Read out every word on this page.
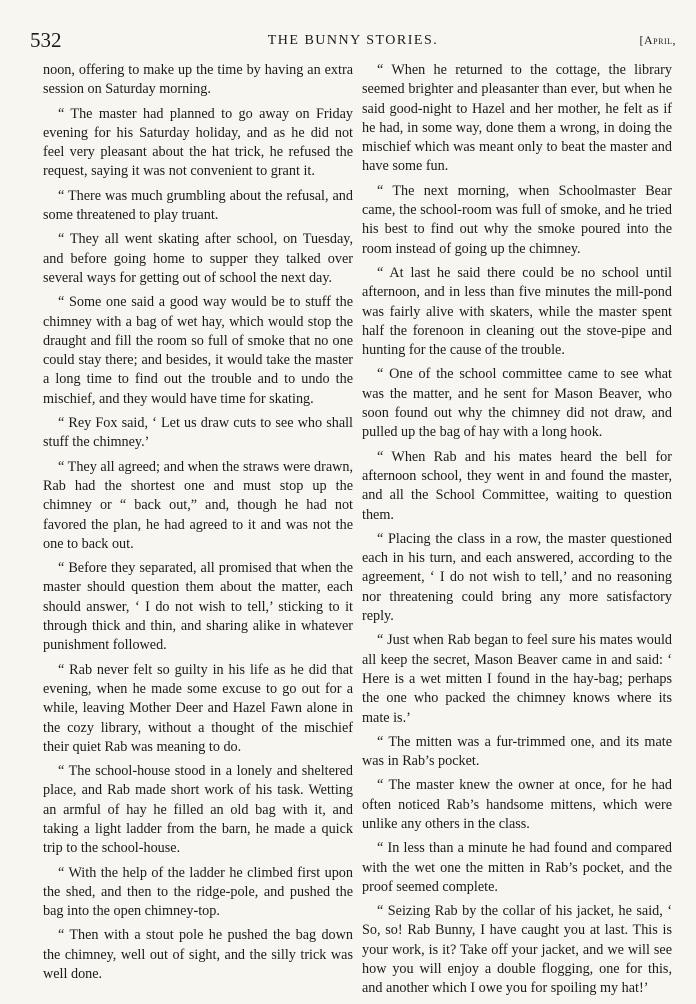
532	THE BUNNY STORIES.	[April,

noon, offering to make up the time by having an extra session on Saturday morning.

“ The master had planned to go away on Friday evening for his Saturday holiday, and as he did not feel very pleasant about the hat trick, he refused the request, saying it was not convenient to grant it.

“ There was much grumbling about the refusal, and some threatened to play truant.

“ They all went skating after school, on Tuesday, and before going home to supper they talked over several ways for getting out of school the next day.

“ Some one said a good way would be to stuff the chimney with a bag of wet hay, which would stop the draught and fill the room so full of smoke that no one could stay there; and besides, it would take the master a long time to find out the trouble and to undo the mischief, and they would have time for skating.

“ Rey Fox said, ‘ Let us draw cuts to see who shall stuff the chimney.’

“ They all agreed; and when the straws were drawn, Rab had the shortest one and must stop up the chimney or “ back out,” and, though he had not favored the plan, he had agreed to it and was not the one to back out.

“ Before they separated, all promised that when the master should question them about the matter, each should answer, ‘ I do not wish to tell,’ sticking to it through thick and thin, and sharing alike in whatever punishment followed.

“ Rab never felt so guilty in his life as he did that evening, when he made some excuse to go out for a while, leaving Mother Deer and Hazel Fawn alone in the cozy library, without a thought of the mischief their quiet Rab was meaning to do.

“ The school-house stood in a lonely and sheltered place, and Rab made short work of his task. Wetting an armful of hay he filled an old bag with it, and taking a light ladder from the barn, he made a quick trip to the school-house.

“ With the help of the ladder he climbed first upon the shed, and then to the ridge-pole, and pushed the bag into the open chimney-top.

“ Then with a stout pole he pushed the bag down the chimney, well out of sight, and the silly trick was well done.

“ When he returned to the cottage, the library seemed brighter and pleasanter than ever, but when he said good-night to Hazel and her mother, he felt as if he had, in some way, done them a wrong, in doing the mischief which was meant only to beat the master and have some fun.

“ The next morning, when Schoolmaster Bear came, the school-room was full of smoke, and he tried his best to find out why the smoke poured into the room instead of going up the chimney.

“ At last he said there could be no school until afternoon, and in less than five minutes the mill-pond was fairly alive with skaters, while the master spent half the forenoon in cleaning out the stove-pipe and hunting for the cause of the trouble.

“ One of the school committee came to see what was the matter, and he sent for Mason Beaver, who soon found out why the chimney did not draw, and pulled up the bag of hay with a long hook.

“ When Rab and his mates heard the bell for afternoon school, they went in and found the master, and all the School Committee, waiting to question them.

“ Placing the class in a row, the master questioned each in his turn, and each answered, according to the agreement, ‘ I do not wish to tell,’ and no reasoning nor threatening could bring any more satisfactory reply.

“ Just when Rab began to feel sure his mates would all keep the secret, Mason Beaver came in and said: ‘ Here is a wet mitten I found in the hay-bag; perhaps the one who packed the chimney knows where its mate is.’

“ The mitten was a fur-trimmed one, and its mate was in Rab’s pocket.

“ The master knew the owner at once, for he had often noticed Rab’s handsome mittens, which were unlike any others in the class.

“ In less than a minute he had found and compared with the wet one the mitten in Rab’s pocket, and the proof seemed complete.

“ Seizing Rab by the collar of his jacket, he said, ‘ So, so! Rab Bunny, I have caught you at last. This is your work, is it? Take off your jacket, and we will see how you will enjoy a double flogging, one for this, and another which I owe you for spoiling my hat!’
